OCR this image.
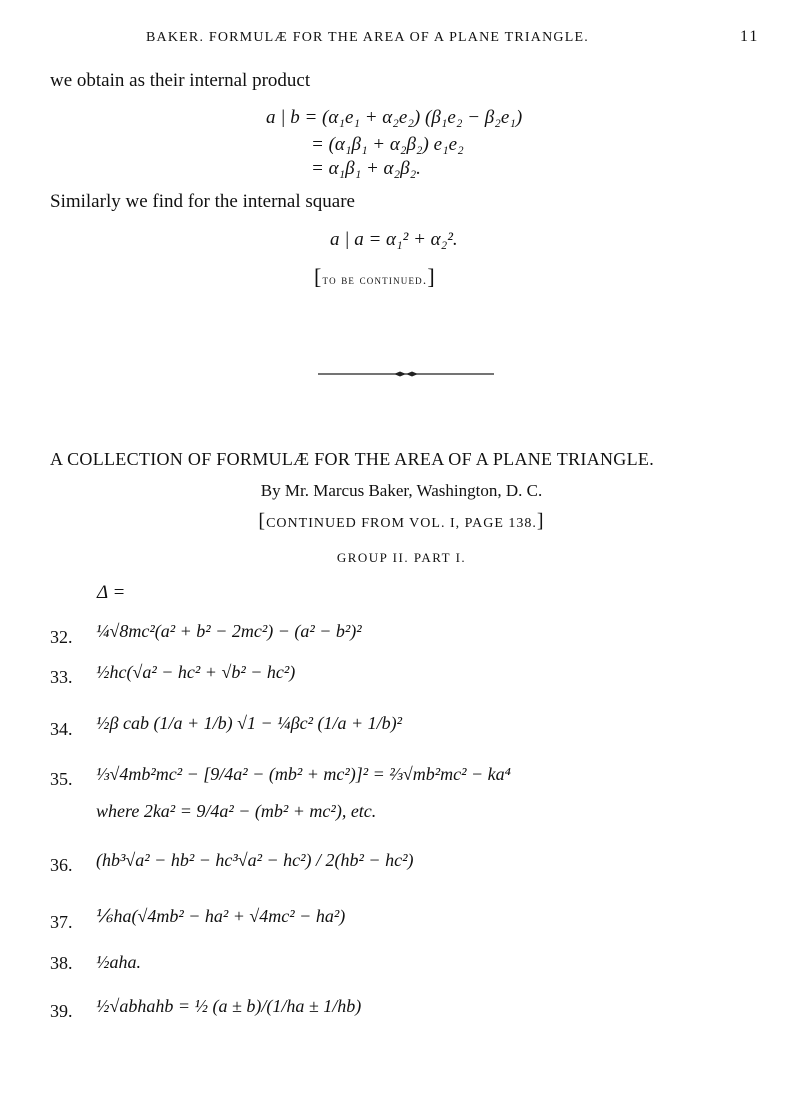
BAKER. FORMULÆ FOR THE AREA OF A PLANE TRIANGLE.	11
we obtain as their internal product
a | b = (α₁e₁ + α₂e₂) (β₁e₂ − β₂e₁)
= (α₁β₁ + α₂β₂) e₁e₂
= α₁β₁ + α₂β₂.
Similarly we find for the internal square
a | a = α₁² + α₂².
[to be continued.]
A COLLECTION OF FORMULÆ FOR THE AREA OF A PLANE TRIANGLE.
By Mr. Marcus Baker, Washington, D. C.
[CONTINUED FROM VOL. I, PAGE 138.]
GROUP II. PART I.
Δ =
32. ¼√8mc²(a² + b² − 2mc²) − (a² − b²)²
33. ½hc(√a² − hc² + √b² − hc²)
34. ½β cab (1/a + 1/b) √1 − ¼βc² (1/a + 1/b)²
35. ⅓√4mb²mc² − [9/4a² − (mb² + mc²)]² = ⅔√mb²mc² − ka⁴
where 2ka² = 9/4a² − (mb² + mc²), etc.
36. (hb³√a² − hb² − hc³√a² − hc²) / 2(hb² − hc²)
37. ⅙ha(√4mb² − ha² + √4mc² − ha²)
38. ½aha.
39. ½√abhahb = ½ (a ± b)/(1/ha ± 1/hb)
